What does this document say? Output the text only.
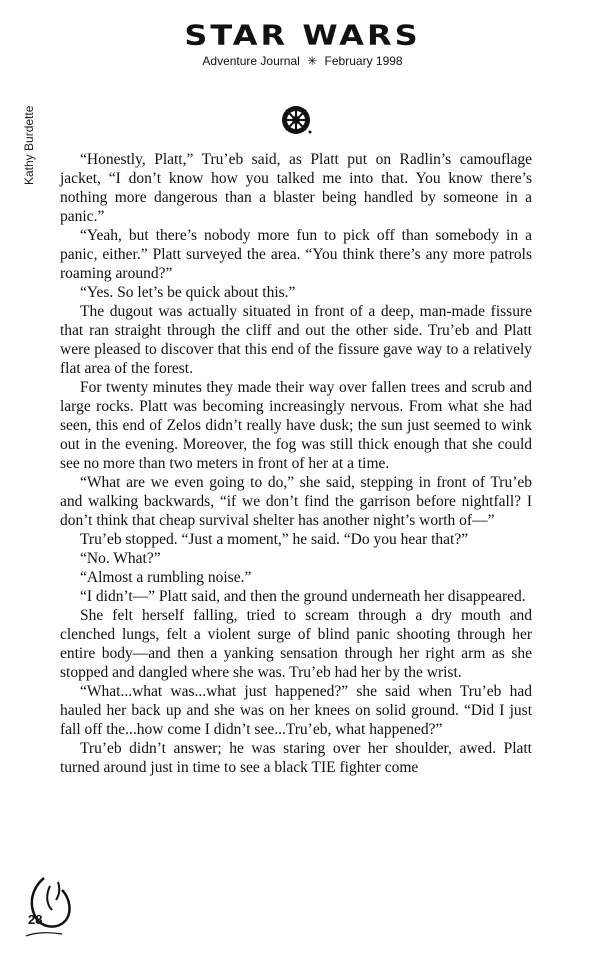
STAR WARS
Adventure Journal ✳ February 1998
Kathy Burdette	“Honestly, Platt,” Tru’eb said, as Platt put on Radlin’s camouflage jacket, “I don’t know how you talked me into that. You know there’s nothing more dangerous than a blaster being handled by someone in a panic.”

“Yeah, but there’s nobody more fun to pick off than somebody in a panic, either.” Platt surveyed the area. “You think there’s any more patrols roaming around?”

“Yes. So let’s be quick about this.”

The dugout was actually situated in front of a deep, man-made fissure that ran straight through the cliff and out the other side. Tru’eb and Platt were pleased to discover that this end of the fissure gave way to a relatively flat area of the forest.

For twenty minutes they made their way over fallen trees and scrub and large rocks. Platt was becoming increasingly nervous. From what she had seen, this end of Zelos didn’t really have dusk; the sun just seemed to wink out in the evening. Moreover, the fog was still thick enough that she could see no more than two meters in front of her at a time.

“What are we even going to do,” she said, stepping in front of Tru’eb and walking backwards, “if we don’t find the garrison before nightfall? I don’t think that cheap survival shelter has another night’s worth of—”

Tru’eb stopped. “Just a moment,” he said. “Do you hear that?”

“No. What?”

“Almost a rumbling noise.”

“I didn’t—” Platt said, and then the ground underneath her disappeared.

She felt herself falling, tried to scream through a dry mouth and clenched lungs, felt a violent surge of blind panic shooting through her entire body—and then a yanking sensation through her right arm as she stopped and dangled where she was. Tru’eb had her by the wrist.

“What...what was...what just happened?” she said when Tru’eb had hauled her back up and she was on her knees on solid ground. “Did I just fall off the...how come I didn’t see...Tru’eb, what happened?”

Tru’eb didn’t answer; he was staring over her shoulder, awed. Platt turned around just in time to see a black TIE fighter come

28
